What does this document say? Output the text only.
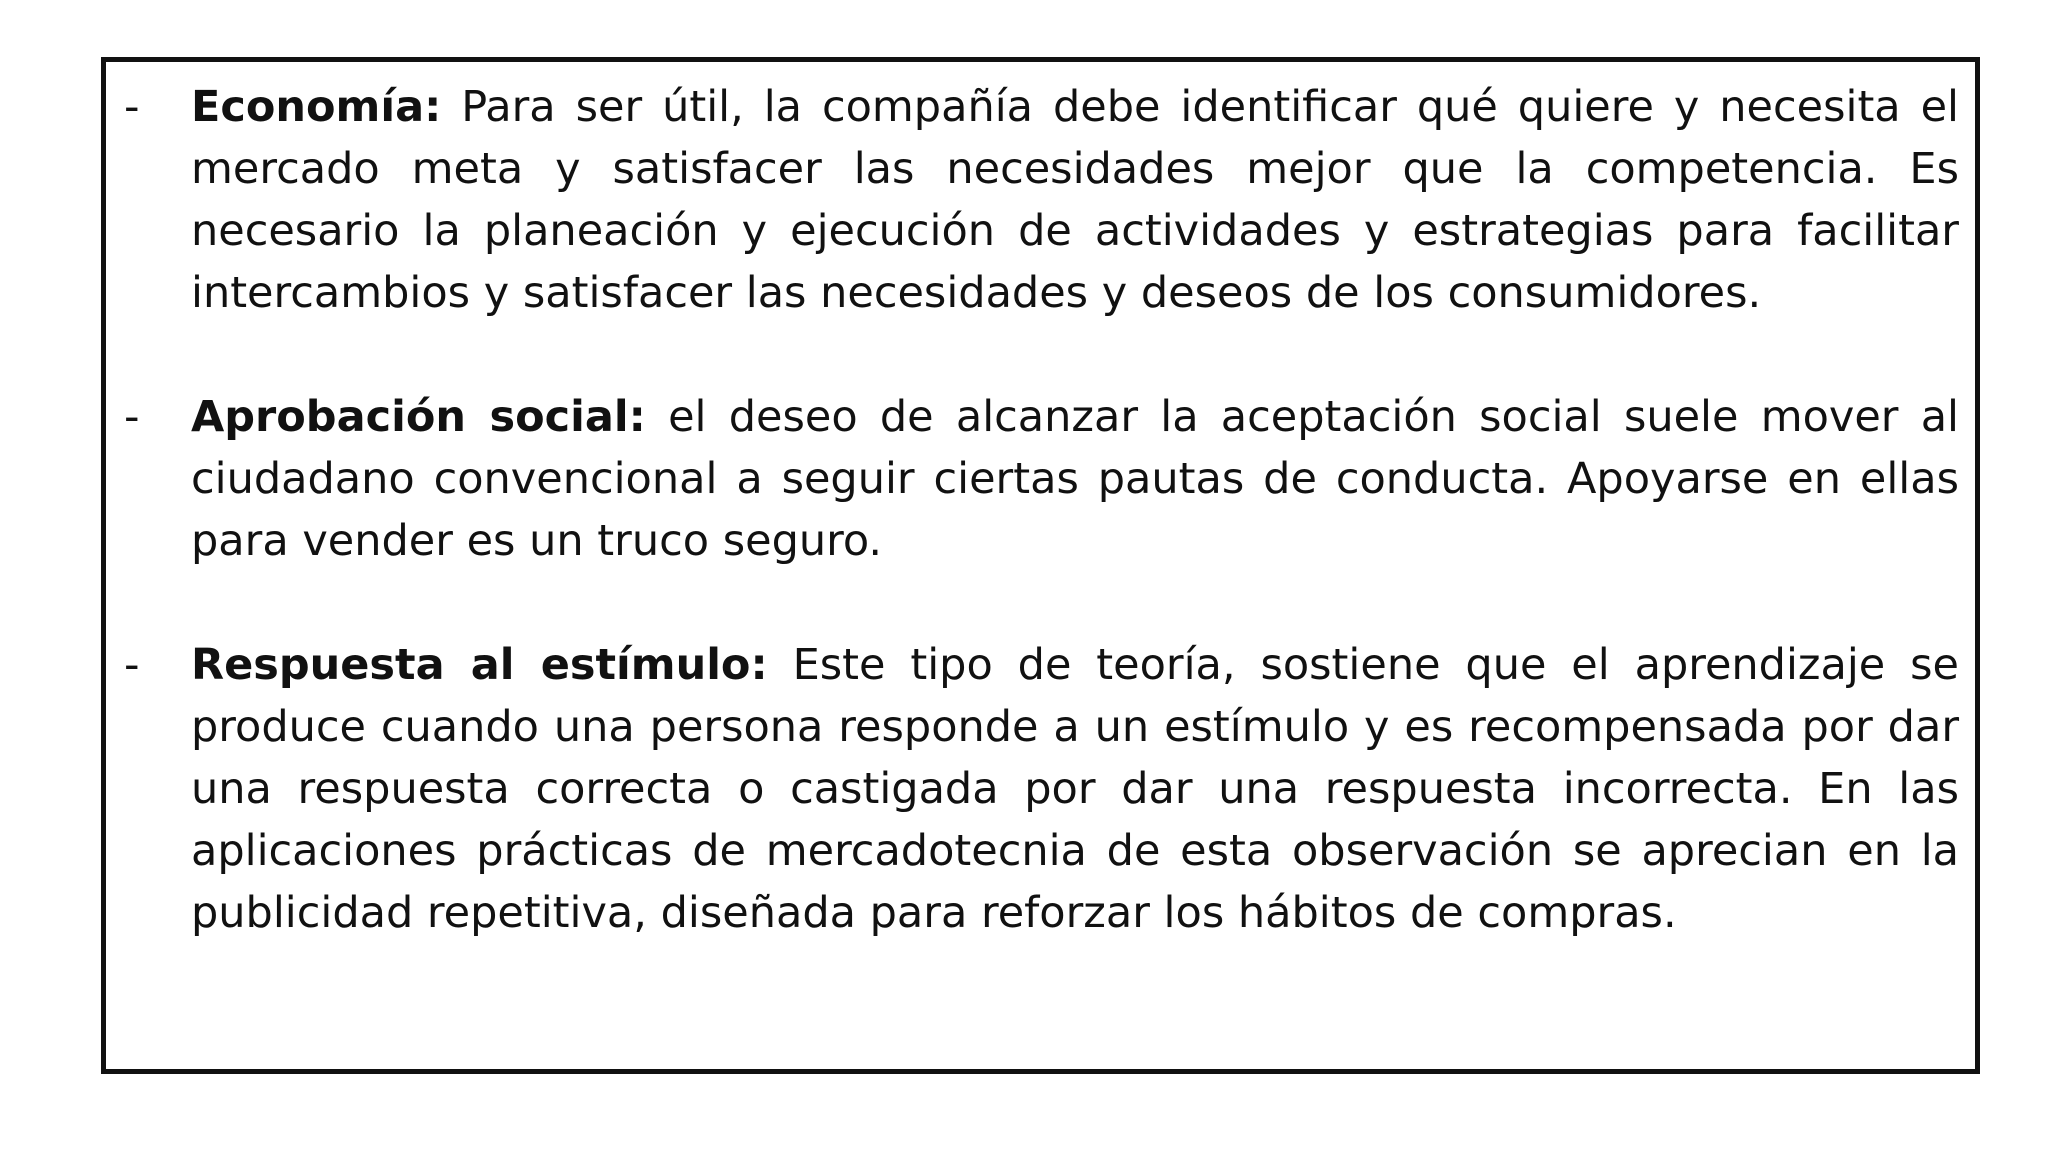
- Economía: Para ser útil, la compañía debe identificar qué quiere y necesita el mercado meta y satisfacer las necesidades mejor que la competencia. Es necesario la planeación y ejecución de actividades y estrategias para facilitar intercambios y satisfacer las necesidades y deseos de los consumidores.
- Aprobación social: el deseo de alcanzar la aceptación social suele mover al ciudadano convencional a seguir ciertas pautas de conducta. Apoyarse en ellas para vender es un truco seguro.
- Respuesta al estímulo: Este tipo de teoría, sostiene que el aprendizaje se produce cuando una persona responde a un estímulo y es recompensada por dar una respuesta correcta o castigada por dar una respuesta incorrecta. En las aplicaciones prácticas de mercadotecnia de esta observación se aprecian en la publicidad repetitiva, diseñada para reforzar los hábitos de compras.
